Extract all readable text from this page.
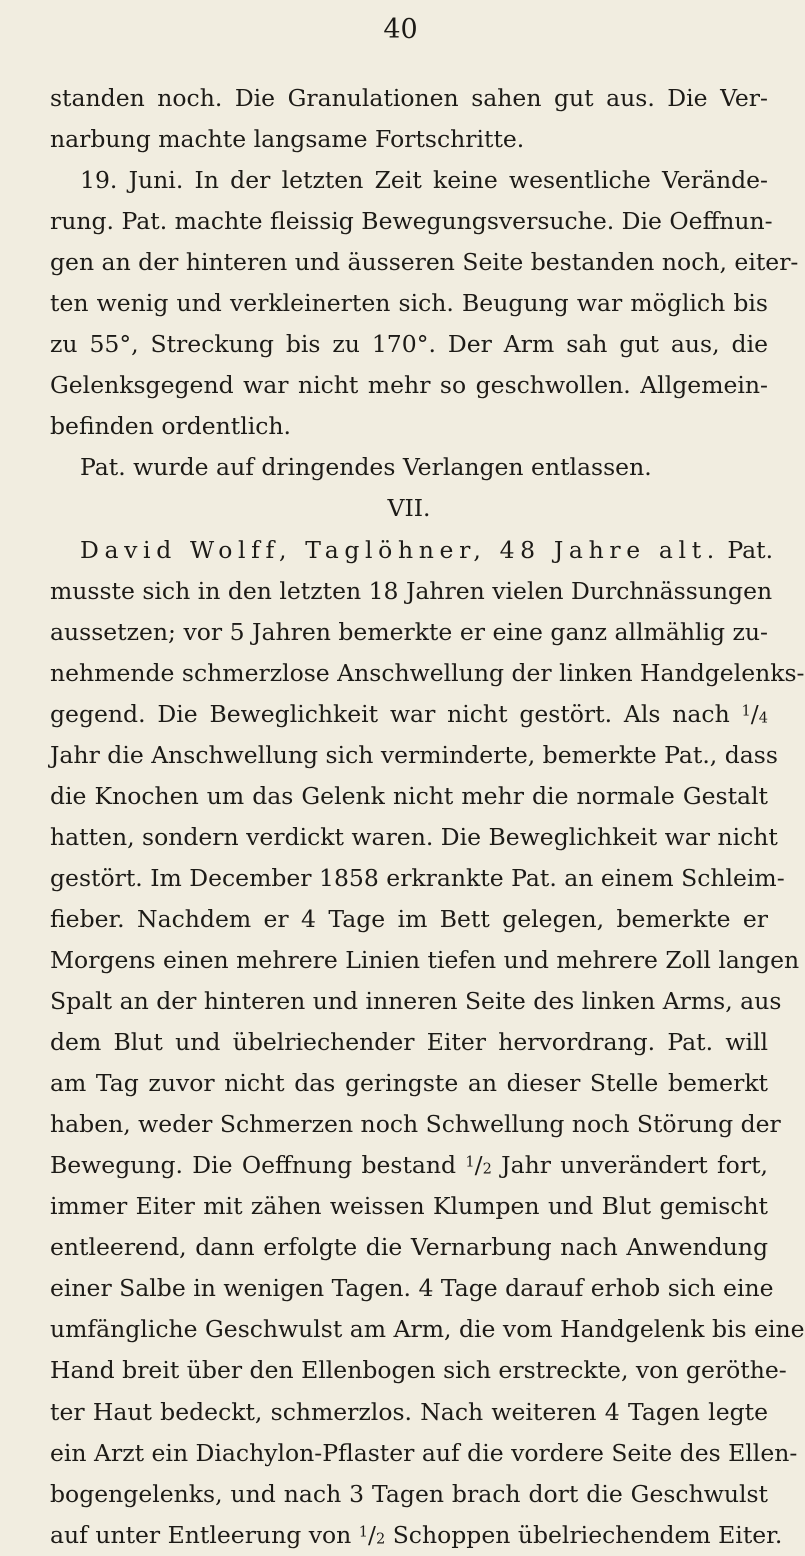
40
standen noch. Die Granulationen sahen gut aus. Die Ver-
narbung machte langsame Fortschritte.
19. Juni. In der letzten Zeit keine wesentliche Verände-
rung. Pat. machte fleissig Bewegungsversuche. Die Oeffnun-
gen an der hinteren und äusseren Seite bestanden noch, eiter-
ten wenig und verkleinerten sich. Beugung war möglich bis
zu 55°, Streckung bis zu 170°. Der Arm sah gut aus, die
Gelenksgegend war nicht mehr so geschwollen. Allgemein-
befinden ordentlich.
Pat. wurde auf dringendes Verlangen entlassen.
VII.
David Wolff, Taglöhner, 48 Jahre alt. Pat.
musste sich in den letzten 18 Jahren vielen Durchnässungen
aussetzen; vor 5 Jahren bemerkte er eine ganz allmählig zu-
nehmende schmerzlose Anschwellung der linken Handgelenks-
gegend. Die Beweglichkeit war nicht gestört. Als nach $^1/_4$
Jahr die Anschwellung sich verminderte, bemerkte Pat., dass
die Knochen um das Gelenk nicht mehr die normale Gestalt
hatten, sondern verdickt waren. Die Beweglichkeit war nicht
gestört. Im December 1858 erkrankte Pat. an einem Schleim-
fieber. Nachdem er 4 Tage im Bett gelegen, bemerkte er
Morgens einen mehrere Linien tiefen und mehrere Zoll langen
Spalt an der hinteren und inneren Seite des linken Arms, aus
dem Blut und übelriechender Eiter hervordrang. Pat. will
am Tag zuvor nicht das geringste an dieser Stelle bemerkt
haben, weder Schmerzen noch Schwellung noch Störung der
Bewegung. Die Oeffnung bestand $^1/_2$ Jahr unverändert fort,
immer Eiter mit zähen weissen Klumpen und Blut gemischt
entleerend, dann erfolgte die Vernarbung nach Anwendung
einer Salbe in wenigen Tagen. 4 Tage darauf erhob sich eine
umfängliche Geschwulst am Arm, die vom Handgelenk bis eine
Hand breit über den Ellenbogen sich erstreckte, von geröthe-
ter Haut bedeckt, schmerzlos. Nach weiteren 4 Tagen legte
ein Arzt ein Diachylon-Pflaster auf die vordere Seite des Ellen-
bogengelenks, und nach 3 Tagen brach dort die Geschwulst
auf unter Entleerung von $^1/_2$ Schoppen übelriechendem Eiter.
